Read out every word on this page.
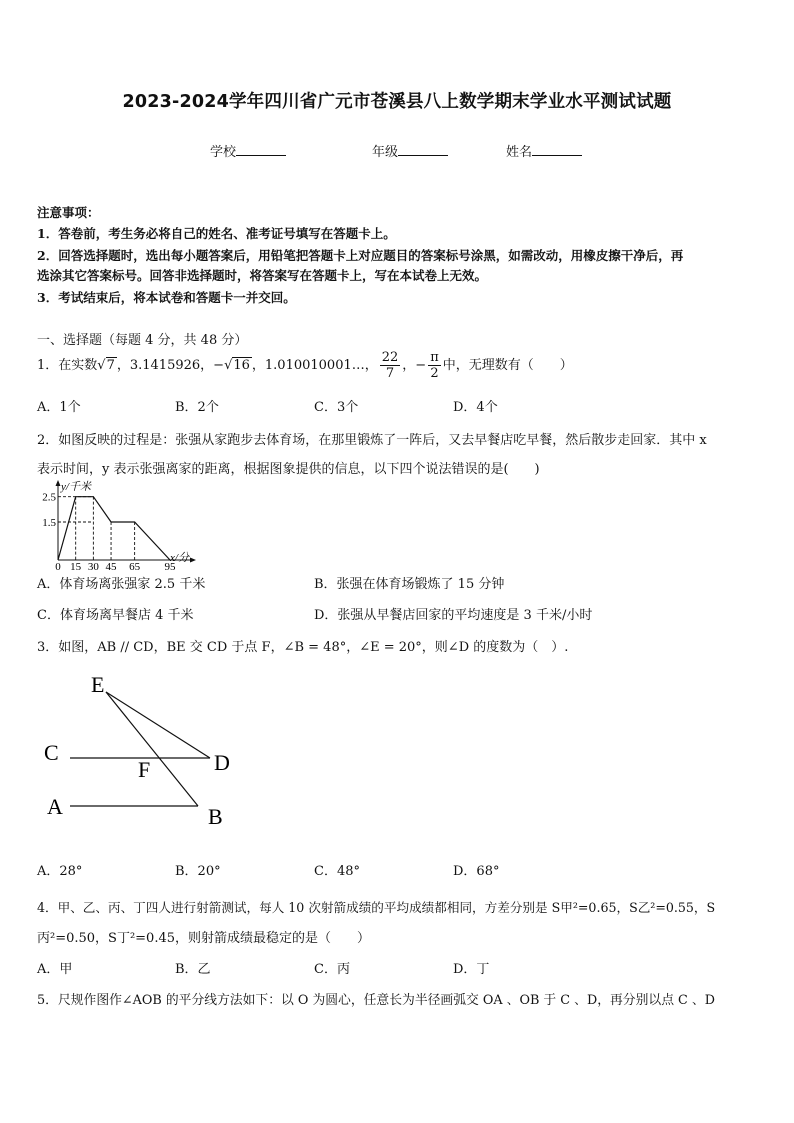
2023-2024学年四川省广元市苍溪县八上数学期末学业水平测试试题
学校	年级	姓名
注意事项：
1．答卷前，考生务必将自己的姓名、准考证号填写在答题卡上。
2．回答选择题时，选出每小题答案后，用铅笔把答题卡上对应题目的答案标号涂黑，如需改动，用橡皮擦干净后，再
选涂其它答案标号。回答非选择题时，将答案写在答题卡上，写在本试卷上无效。
3．考试结束后，将本试卷和答题卡一并交回。
一、选择题（每题 4 分，共 48 分）
1．在实数√7 ，3.1415926，−√16 ，1.010010001…， $\frac{22}{7}$ ，− $\frac{\pi}{2}$ 中，无理数有（　　）
A．1个	B．2个	C．3个	D．4个
2．如图反映的过程是：张强从家跑步去体育场，在那里锻炼了一阵后，又去早餐店吃早餐，然后散步走回家．其中 x
表示时间，y 表示张强离家的距离，根据图象提供的信息，以下四个说法错误的是(　　)
2.5
1.5
0 15 30 45 65 95
y/千米
x/分
A．体育场离张强家 2.5 千米	B．张强在体育场锻炼了 15 分钟
C．体育场离早餐店 4 千米	D．张强从早餐店回家的平均速度是 3 千米/小时
3．如图，AB // CD，BE 交 CD 于点 F，∠B = 48°，∠E = 20°，则∠D 的度数为（　）.
E
C	D
F
A	B
A．28°	B．20°	C．48°	D．68°
4．甲、乙、丙、丁四人进行射箭测试，每人 10 次射箭成绩的平均成绩都相同，方差分别是 S甲²=0.65，S乙²=0.55，S
丙²=0.50，S丁²=0.45，则射箭成绩最稳定的是（　　）
A．甲	B．乙	C．丙	D．丁
5．尺规作图作∠AOB 的平分线方法如下：以 O 为圆心，任意长为半径画弧交 OA 、OB 于 C 、D，再分别以点 C 、D
